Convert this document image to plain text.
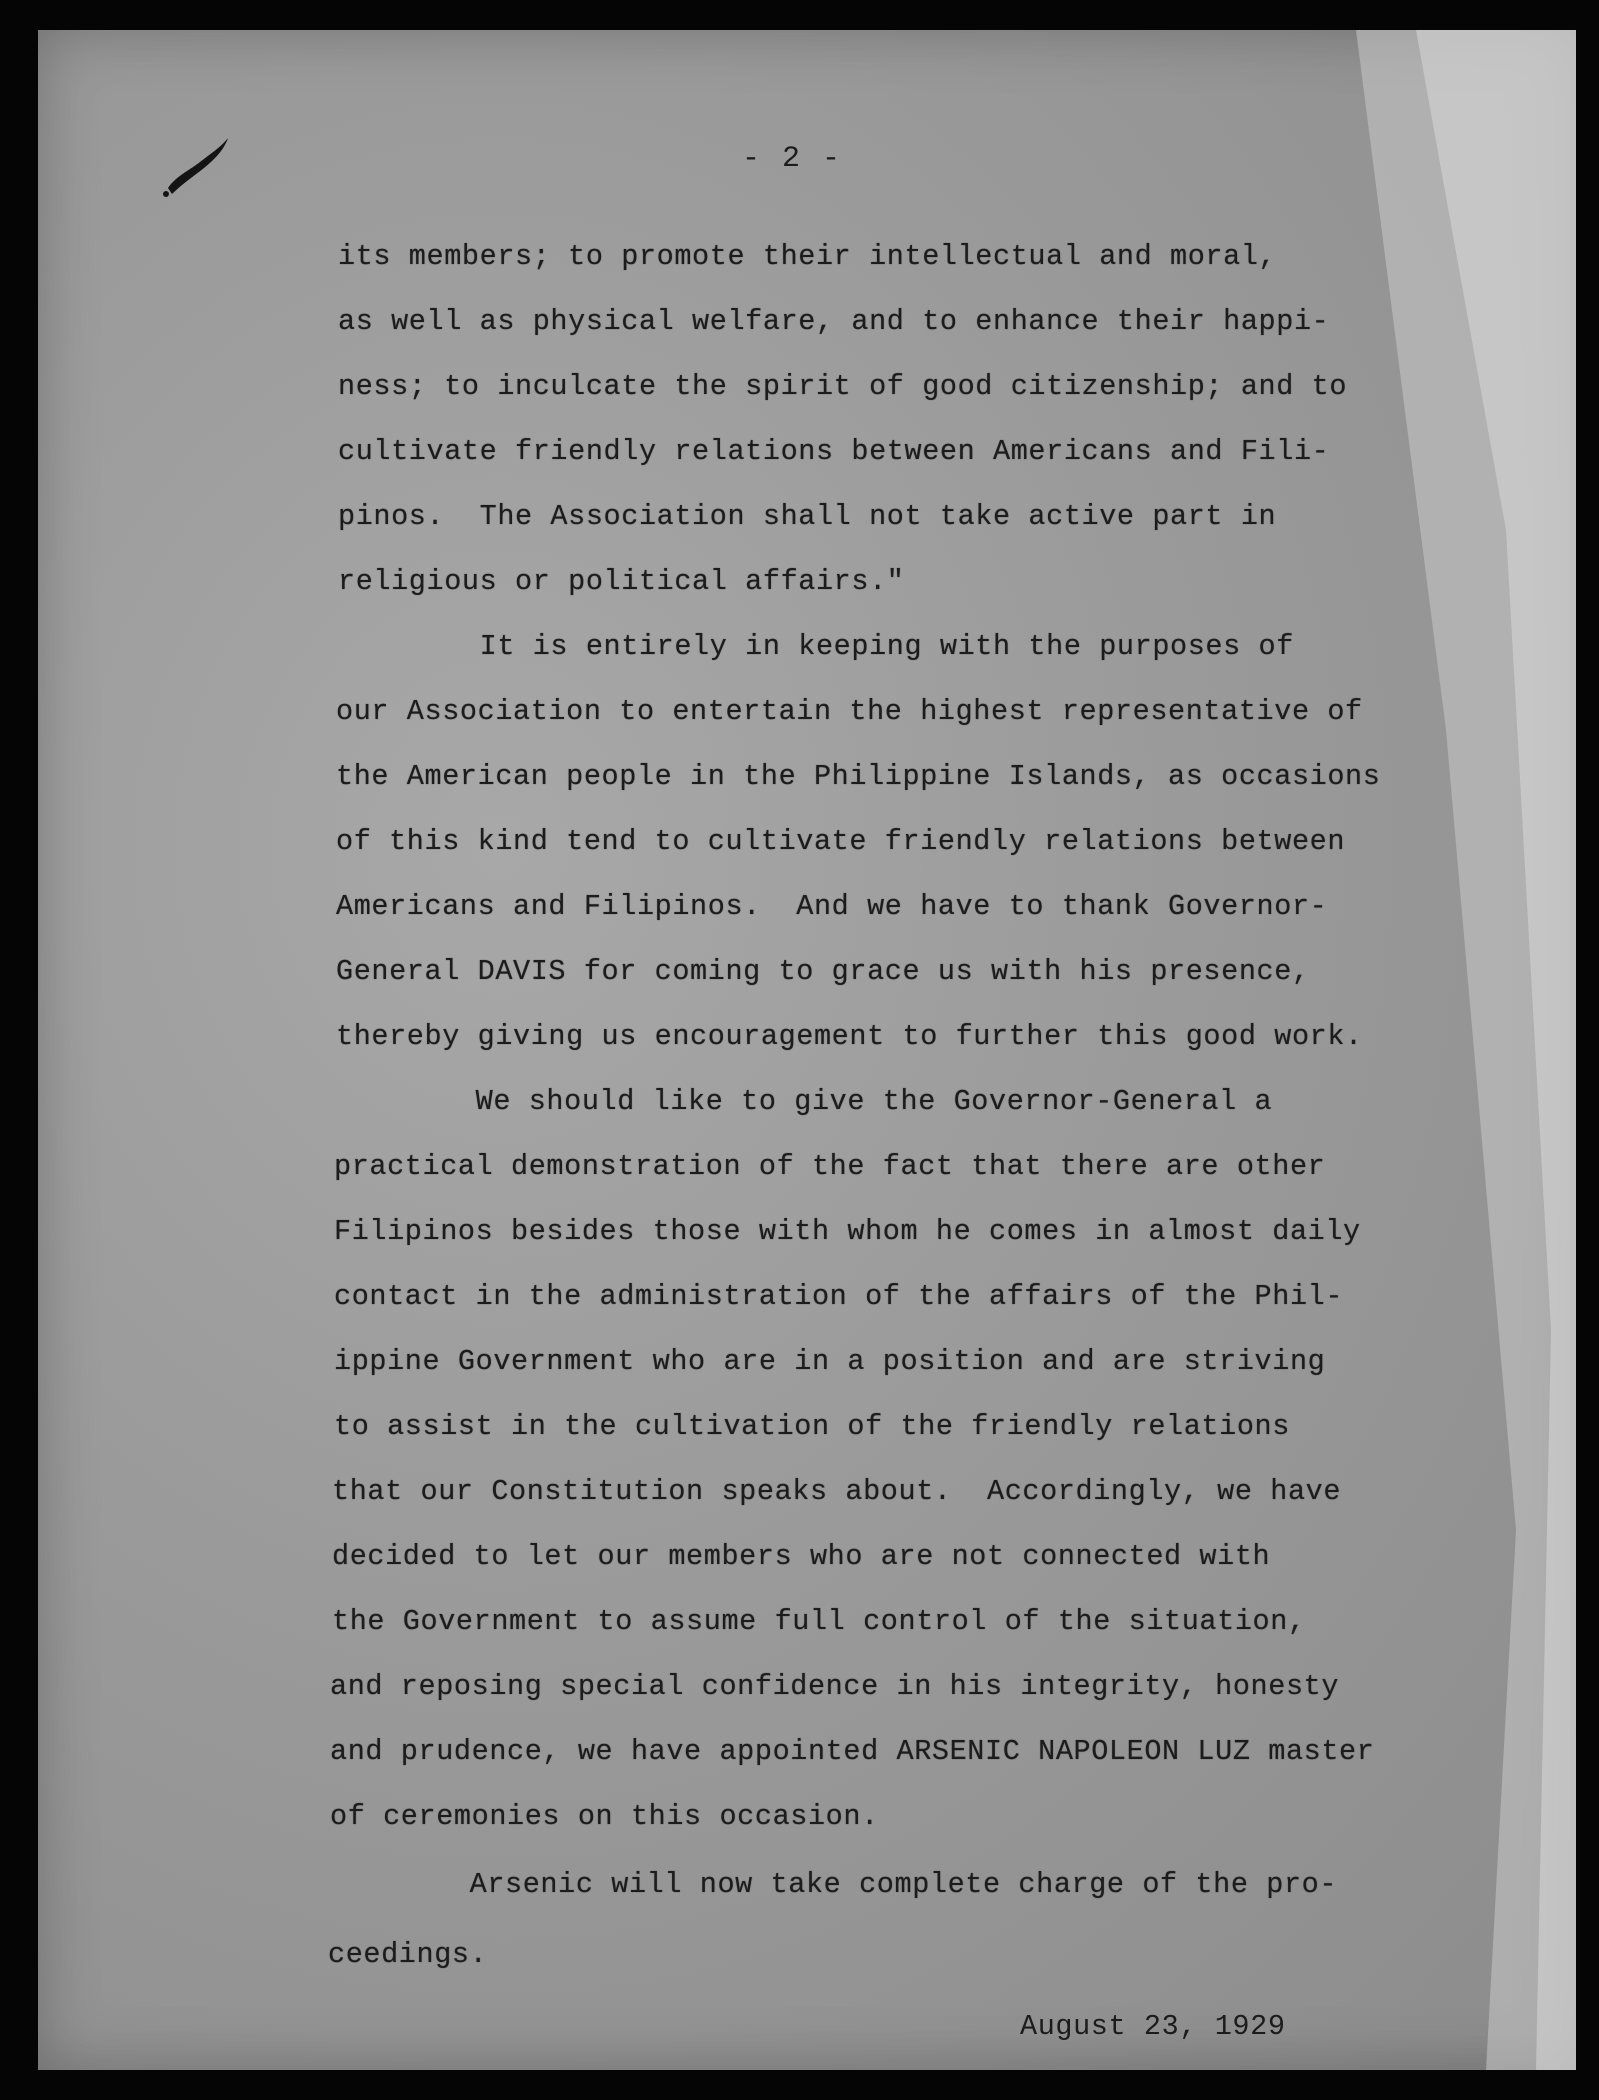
- 2 -
its members; to promote their intellectual and moral,
as well as physical welfare, and to enhance their happi-
ness; to inculcate the spirit of good citizenship; and to
cultivate friendly relations between Americans and Fili-
pinos.  The Association shall not take active part in
religious or political affairs."
It is entirely in keeping with the purposes of
our Association to entertain the highest representative of
the American people in the Philippine Islands, as occasions
of this kind tend to cultivate friendly relations between
Americans and Filipinos.  And we have to thank Governor-
General DAVIS for coming to grace us with his presence,
thereby giving us encouragement to further this good work.
We should like to give the Governor-General a
practical demonstration of the fact that there are other
Filipinos besides those with whom he comes in almost daily
contact in the administration of the affairs of the Phil-
ippine Government who are in a position and are striving
to assist in the cultivation of the friendly relations
that our Constitution speaks about.  Accordingly, we have
decided to let our members who are not connected with
the Government to assume full control of the situation,
and reposing special confidence in his integrity, honesty
and prudence, we have appointed ARSENIC NAPOLEON LUZ master
of ceremonies on this occasion.
Arsenic will now take complete charge of the pro-
ceedings.
August 23, 1929
